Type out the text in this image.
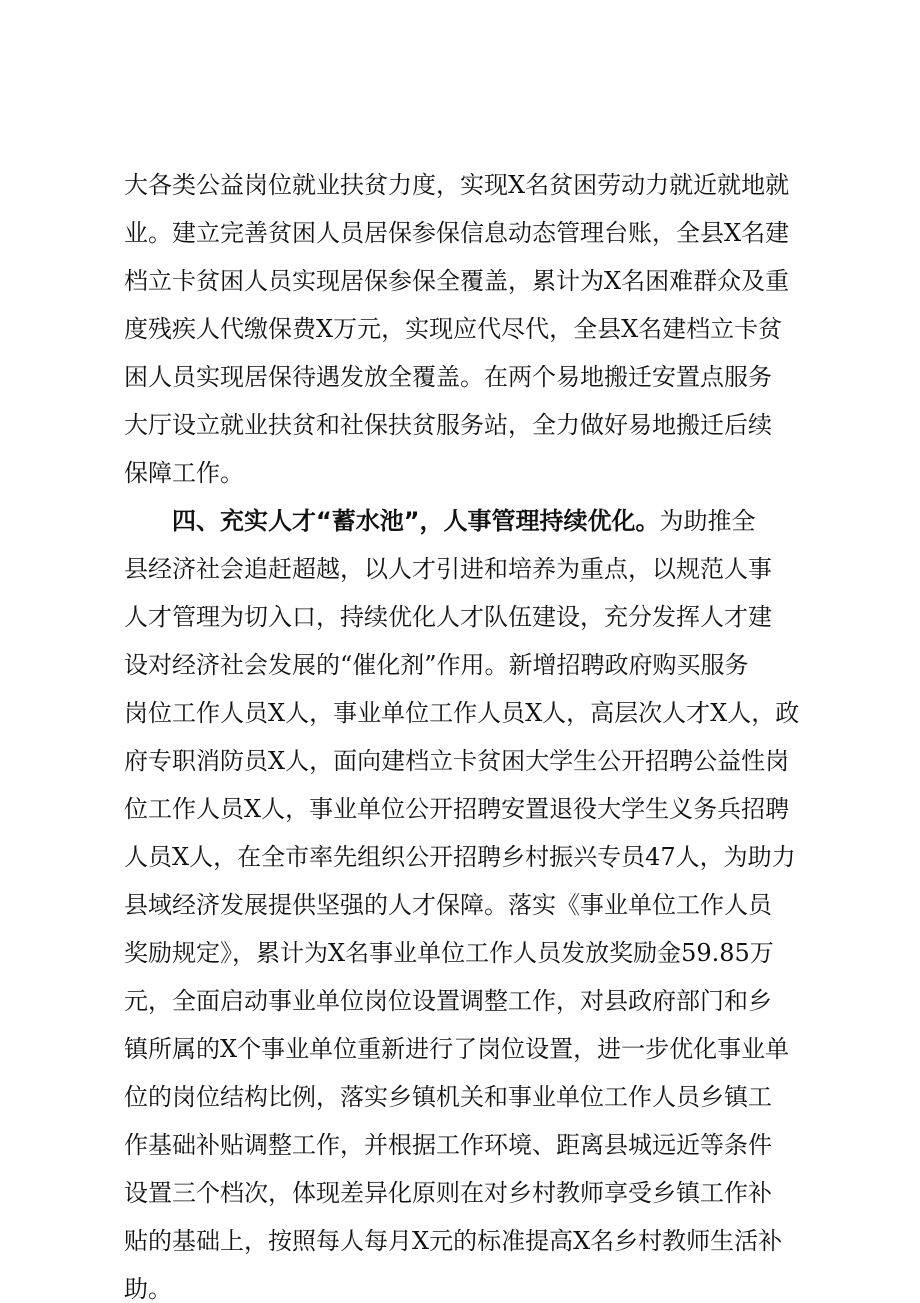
大各类公益岗位就业扶贫力度，实现X名贫困劳动力就近就地就
业。建立完善贫困人员居保参保信息动态管理台账，全县X名建
档立卡贫困人员实现居保参保全覆盖，累计为X名困难群众及重
度残疾人代缴保费X万元，实现应代尽代，全县X名建档立卡贫
困人员实现居保待遇发放全覆盖。在两个易地搬迁安置点服务
大厅设立就业扶贫和社保扶贫服务站，全力做好易地搬迁后续
保障工作。
四、充实人才“蓄水池”，人事管理持续优化。为助推全
县经济社会追赶超越，以人才引进和培养为重点，以规范人事
人才管理为切入口，持续优化人才队伍建设，充分发挥人才建
设对经济社会发展的“催化剂”作用。新增招聘政府购买服务
岗位工作人员X人，事业单位工作人员X人，高层次人才X人，政
府专职消防员X人，面向建档立卡贫困大学生公开招聘公益性岗
位工作人员X人，事业单位公开招聘安置退役大学生义务兵招聘
人员X人，在全市率先组织公开招聘乡村振兴专员47人，为助力
县域经济发展提供坚强的人才保障。落实《事业单位工作人员
奖励规定》，累计为X名事业单位工作人员发放奖励金59.85万
元，全面启动事业单位岗位设置调整工作，对县政府部门和乡
镇所属的X个事业单位重新进行了岗位设置，进一步优化事业单
位的岗位结构比例，落实乡镇机关和事业单位工作人员乡镇工
作基础补贴调整工作，并根据工作环境、距离县城远近等条件
设置三个档次，体现差异化原则在对乡村教师享受乡镇工作补
贴的基础上，按照每人每月X元的标准提高X名乡村教师生活补
助。
